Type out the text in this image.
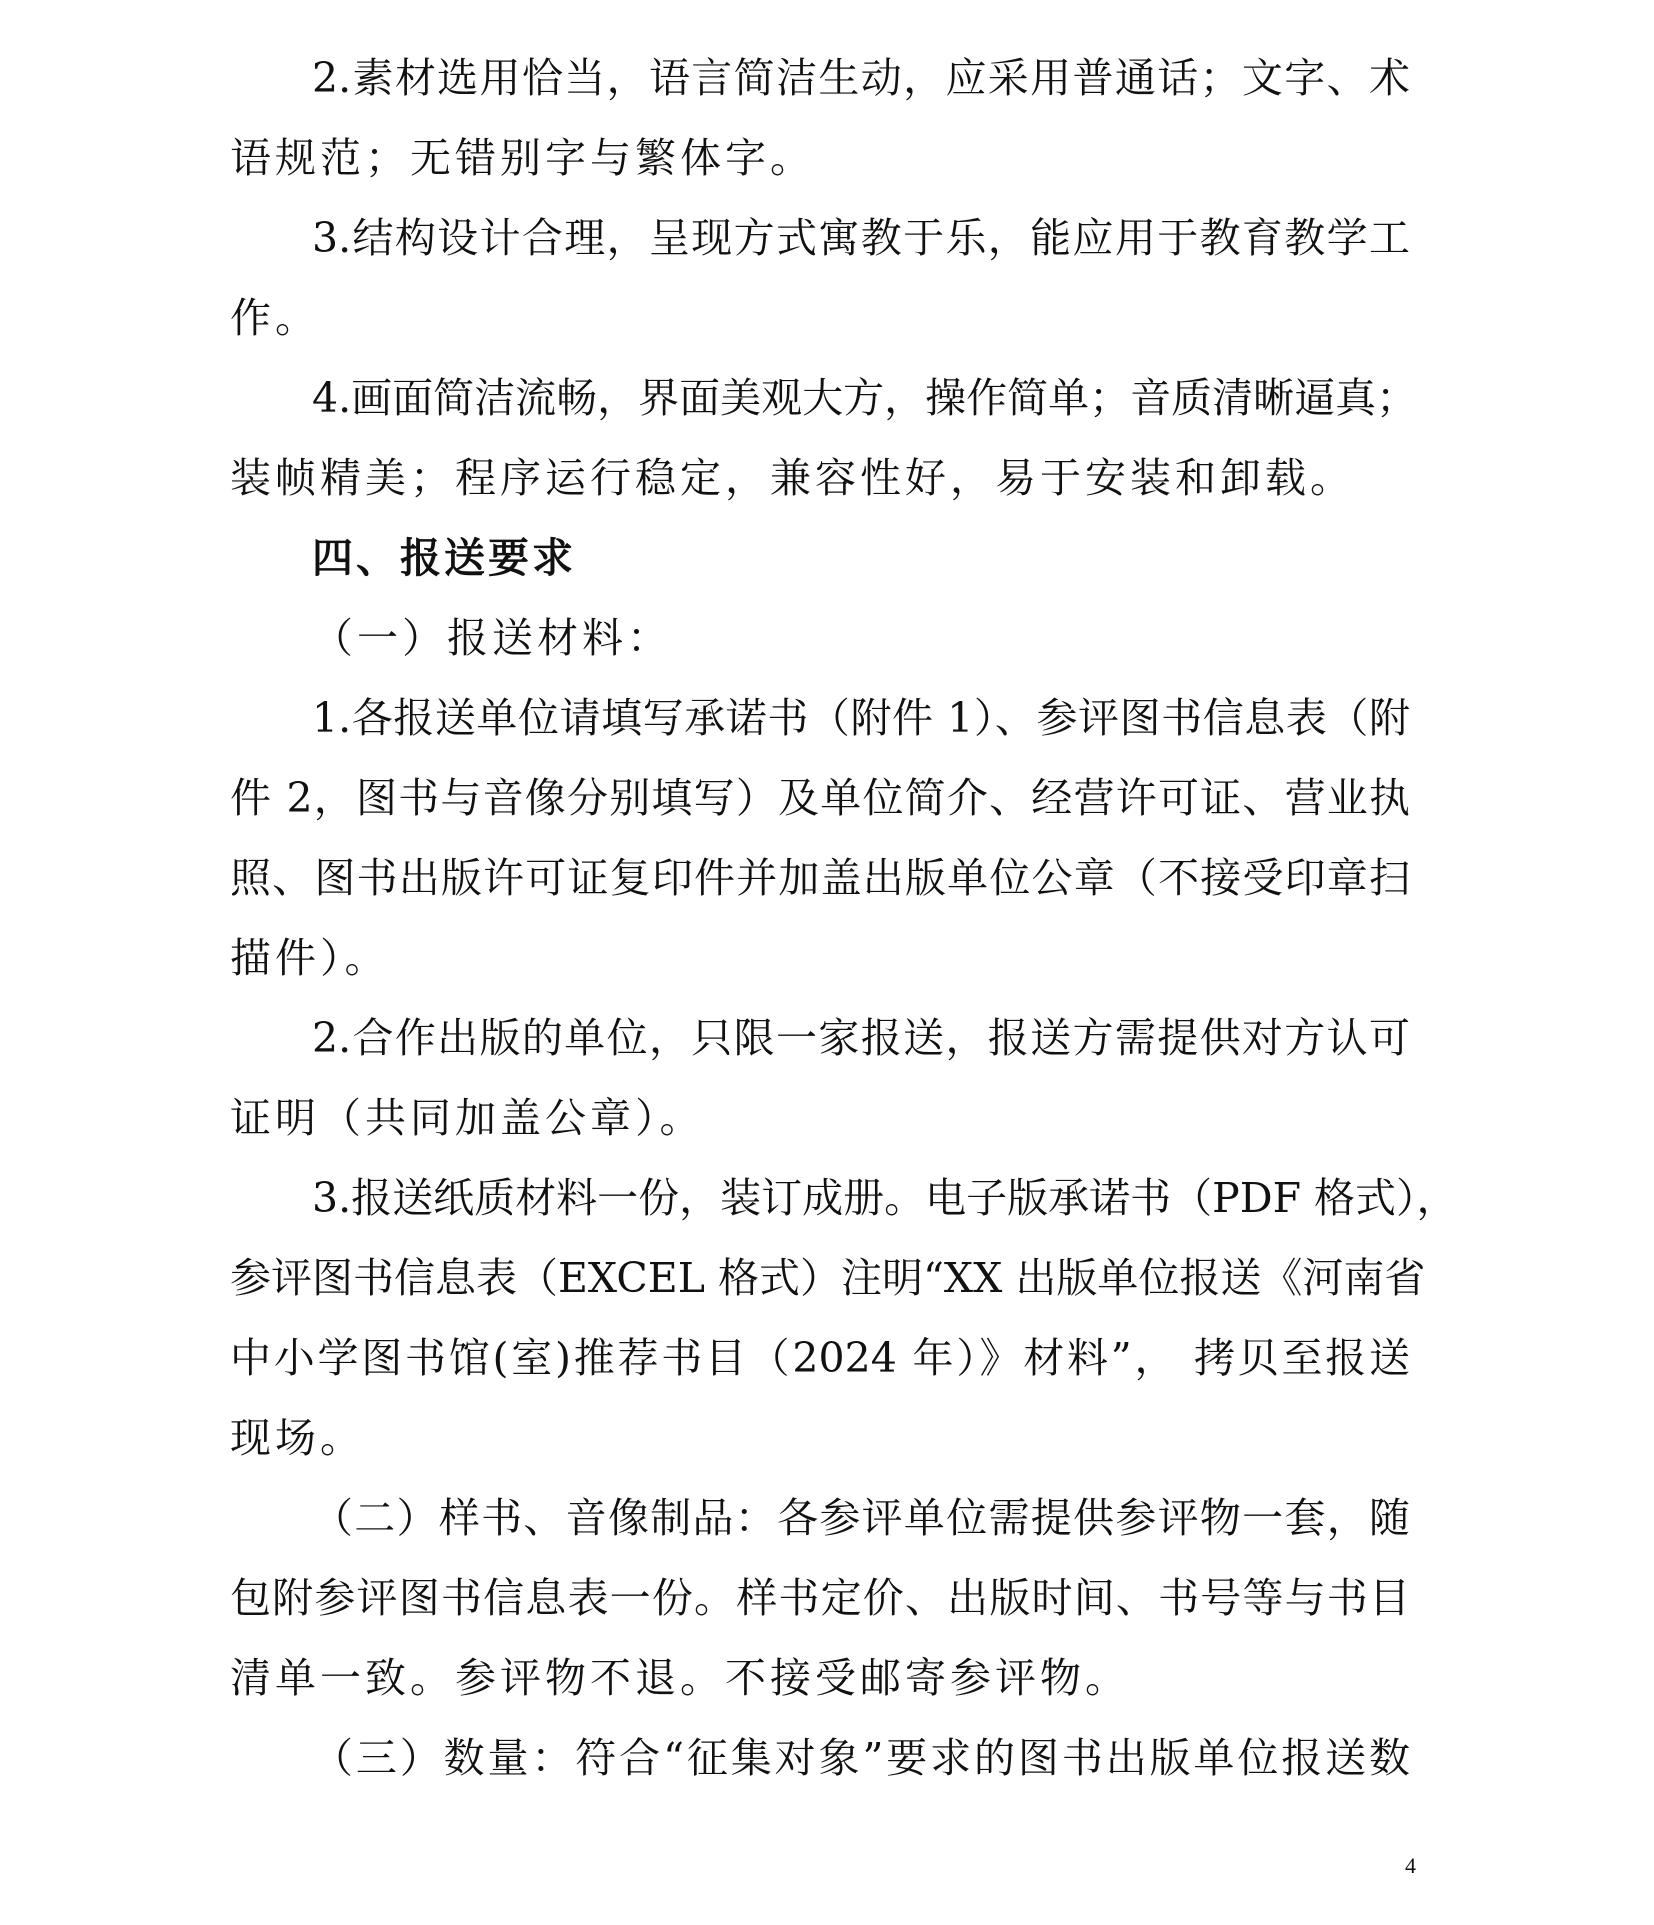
2.素材选用恰当，语言简洁生动，应采用普通话；文字、术
语规范；无错别字与繁体字。
3.结构设计合理，呈现方式寓教于乐，能应用于教育教学工
作。
4.画面简洁流畅，界面美观大方，操作简单；音质清晰逼真；
装帧精美；程序运行稳定，兼容性好，易于安装和卸载。
四、报送要求
（一）报送材料：
1.各报送单位请填写承诺书（附件 1）、参评图书信息表（附
件 2，图书与音像分别填写）及单位简介、经营许可证、营业执
照、图书出版许可证复印件并加盖出版单位公章（不接受印章扫
描件）。
2.合作出版的单位，只限一家报送，报送方需提供对方认可
证明（共同加盖公章）。
3.报送纸质材料一份，装订成册。电子版承诺书（PDF 格式），
参评图书信息表（EXCEL 格式）注明“XX 出版单位报送《河南省
中小学图书馆(室)推荐书目（2024 年）》材料”， 拷贝至报送
现场。
（二）样书、音像制品：各参评单位需提供参评物一套，随
包附参评图书信息表一份。样书定价、出版时间、书号等与书目
清单一致。参评物不退。不接受邮寄参评物。
（三）数量：符合“征集对象”要求的图书出版单位报送数
4
